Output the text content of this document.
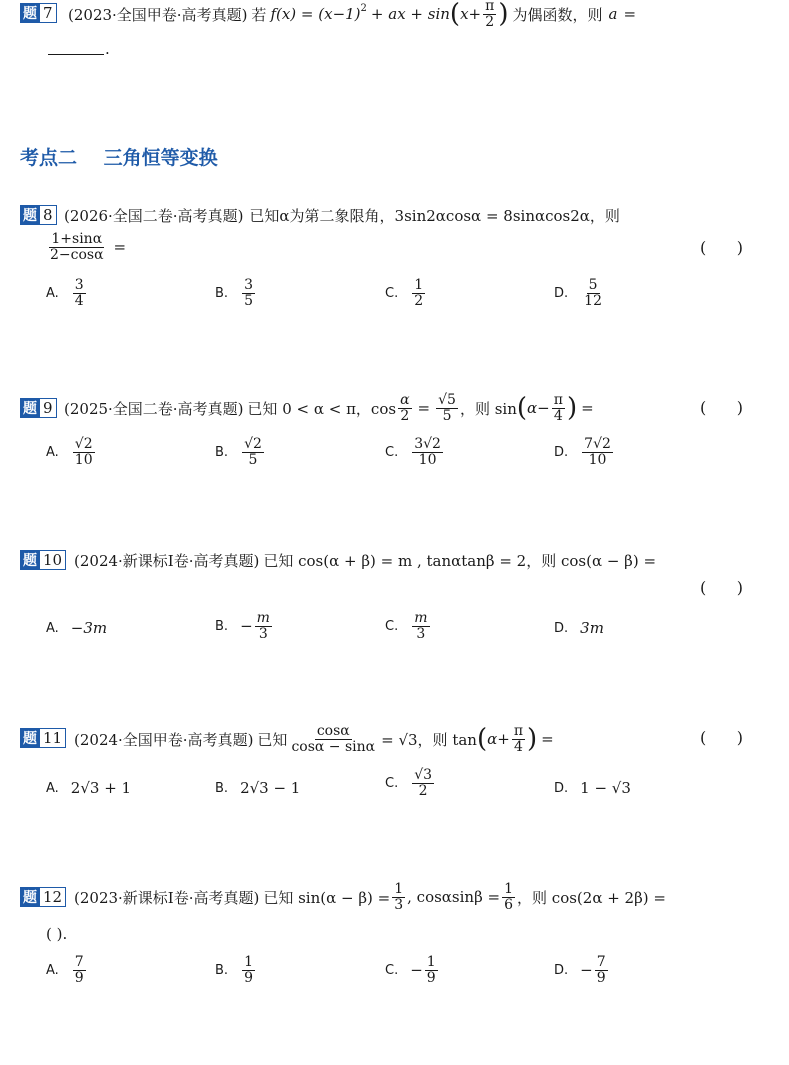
题 7 (2023·全国甲卷·高考真题) 若 $f(x) = (x-1)^2$ + ax + sin ( $x+ \frac{\pi}{2}$ ) 为偶函数，则 a =
.
考点二 三角恒等变换
题 8 (2026·全国二卷·高考真题) 已知α为第二象限角，3sin2αcosα = 8sinαcos2α，则
$\frac{1+\sin\alpha}{2-\cos\alpha}$ =	(      )
A. $\frac{3}{4}$	B. $\frac{3}{5}$	C. $\frac{1}{2}$	D. $\frac{5}{12}$
题 9 (2025·全国二卷·高考真题) 已知 0 < α < π，$\cos \frac{\alpha}{2} = \frac{√5}{5}$ ，则 sin ( $\alpha- \frac{\pi}{4}$ ) =	(      )
A. $\frac{√2}{10}$	B. $\frac{√2}{5}$	C. $\frac{3√2}{10}$	D. $\frac{7√2}{10}$
题 10 (2024·新课标I卷·高考真题) 已知 cos(α + β) = m , tanαtanβ = 2，则 cos(α − β) =
(      )
A. −3m	B. − $\frac{m}{3}$	C. $\frac{m}{3}$	D. 3m
题 11 (2024·全国甲卷·高考真题) 已知 $\frac{\cos\alpha}{\cos\alpha - \sin\alpha} = √3$，则 tan ( $\alpha+ \frac{\pi}{4}$ ) =	(      )
A. 2√3 + 1	B. 2√3 − 1	C. $\frac{√3}{2}$	D. 1 − √3
题 12 (2023·新课标I卷·高考真题) 已知 $\sin(\alpha - \beta) = \frac{1}{3}$ , $\cos\alpha\sin\beta = \frac{1}{6}$ ，则 cos(2α + 2β) =
( ).
A. $\frac{7}{9}$	B. $\frac{1}{9}$	C. − $\frac{1}{9}$	D. − $\frac{7}{9}$
